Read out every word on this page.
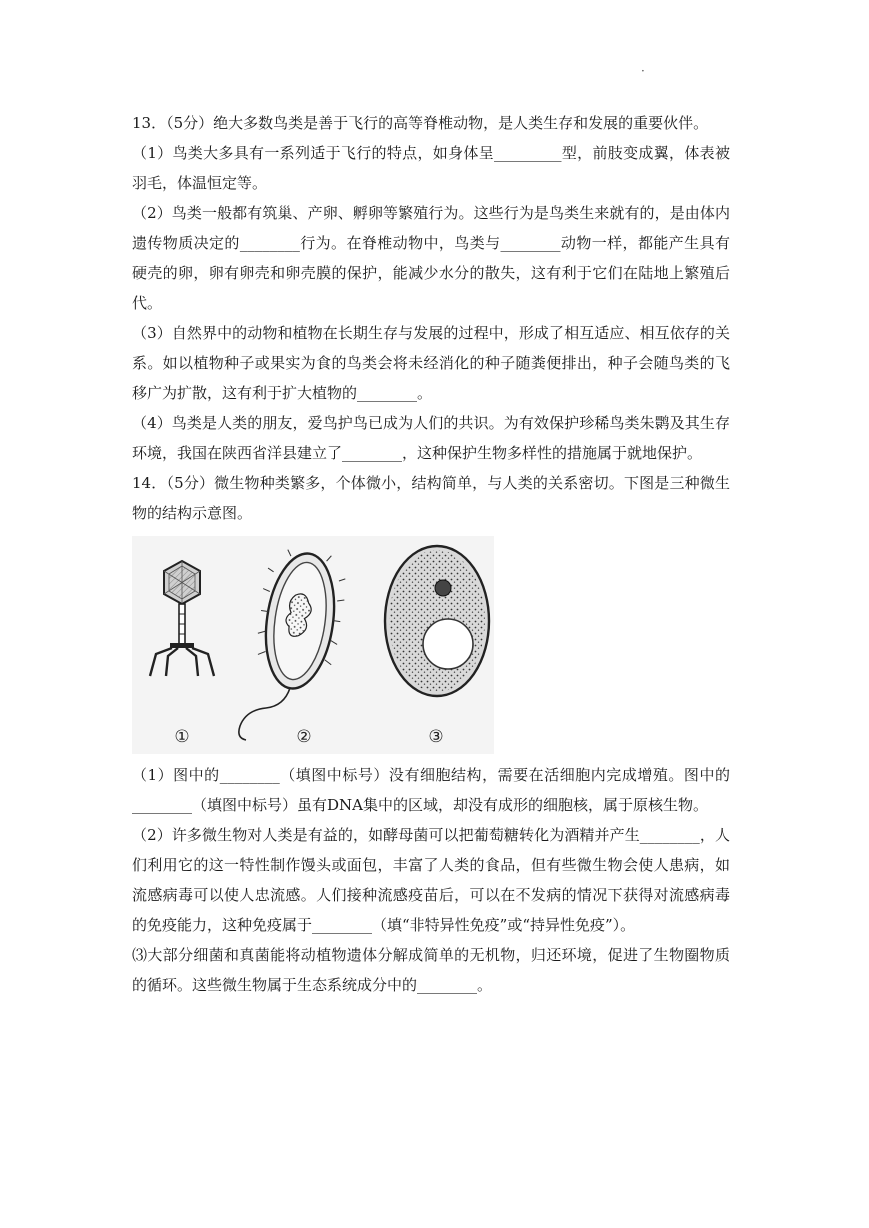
·

13．（5分）绝大多数鸟类是善于飞行的高等脊椎动物，是人类生存和发展的重要伙伴。

（1）鸟类大多具有一系列适于飞行的特点，如身体呈_________型，前肢变成翼，体表被羽毛，体温恒定等。

（2）鸟类一般都有筑巢、产卵、孵卵等繁殖行为。这些行为是鸟类生来就有的，是由体内遗传物质决定的________行为。在脊椎动物中，鸟类与________动物一样，都能产生具有硬壳的卵，卵有卵壳和卵壳膜的保护，能减少水分的散失，这有利于它们在陆地上繁殖后代。

（3）自然界中的动物和植物在长期生存与发展的过程中，形成了相互适应、相互依存的关系。如以植物种子或果实为食的鸟类会将未经消化的种子随粪便排出，种子会随鸟类的飞移广为扩散，这有利于扩大植物的________。

（4）鸟类是人类的朋友，爱鸟护鸟已成为人们的共识。为有效保护珍稀鸟类朱鹮及其生存环境，我国在陕西省洋县建立了________，这种保护生物多样性的措施属于就地保护。

14．（5分）微生物种类繁多，个体微小，结构简单，与人类的关系密切。下图是三种微生物的结构示意图。

①	②	③

（1）图中的________（填图中标号）没有细胞结构，需要在活细胞内完成增殖。图中的________（填图中标号）虽有DNA集中的区域，却没有成形的细胞核，属于原核生物。

（2）许多微生物对人类是有益的，如酵母菌可以把葡萄糖转化为酒精并产生________，人们利用它的这一特性制作馒头或面包，丰富了人类的食品，但有些微生物会使人患病，如流感病毒可以使人忠流感。人们接种流感疫苗后，可以在不发病的情况下获得对流感病毒的免疫能力，这种免疫属于________（填“非特异性免疫”或“持异性免疫”）。

⑶大部分细菌和真菌能将动植物遗体分解成简单的无机物，归还环境，促进了生物圈物质的循环。这些微生物属于生态系统成分中的________。
